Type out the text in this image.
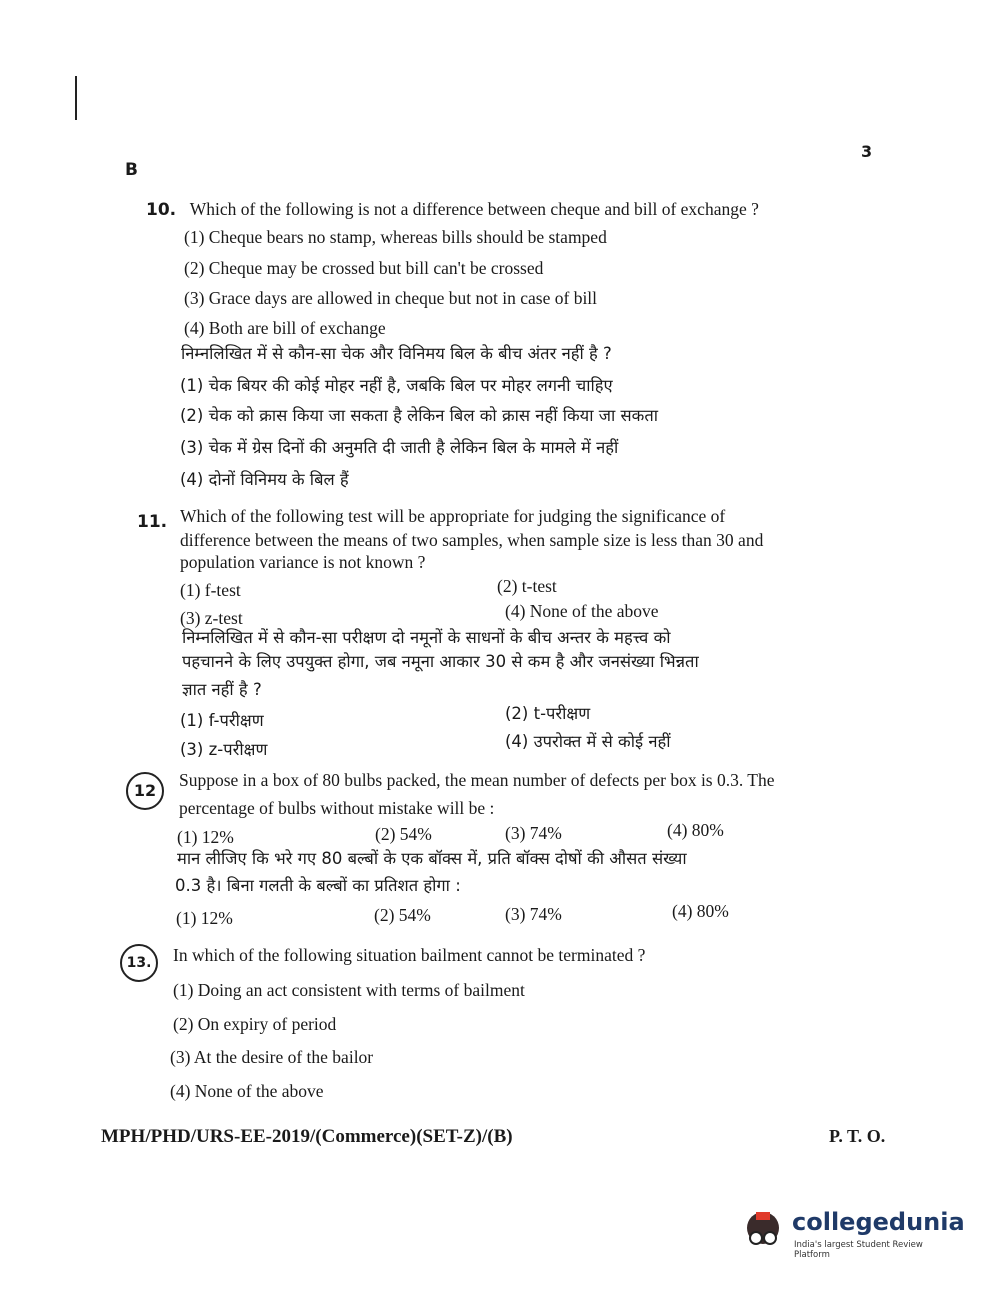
B
3
10. Which of the following is not a difference between cheque and bill of exchange ?
(1) Cheque bears no stamp, whereas bills should be stamped
(2) Cheque may be crossed but bill can't be crossed
(3) Grace days are allowed in cheque but not in case of bill
(4) Both are bill of exchange
निम्नलिखित में से कौन-सा चेक और विनिमय बिल के बीच अंतर नहीं है ?
(1) चेक बियर की कोई मोहर नहीं है, जबकि बिल पर मोहर लगनी चाहिए
(2) चेक को क्रास किया जा सकता है लेकिन बिल को क्रास नहीं किया जा सकता
(3) चेक में ग्रेस दिनों की अनुमति दी जाती है लेकिन बिल के मामले में नहीं
(4) दोनों विनिमय के बिल हैं
11. Which of the following test will be appropriate for judging the significance of
difference between the means of two samples, when sample size is less than 30 and
population variance is not known ?
(1) f-test	(2) t-test
(3) z-test	(4) None of the above
निम्नलिखित में से कौन-सा परीक्षण दो नमूनों के साधनों के बीच अन्तर के महत्त्व को
पहचानने के लिए उपयुक्त होगा, जब नमूना आकार 30 से कम है और जनसंख्या भिन्नता
ज्ञात नहीं है ?
(1) f-परीक्षण	(2) t-परीक्षण
(3) z-परीक्षण	(4) उपरोक्त में से कोई नहीं
12
Suppose in a box of 80 bulbs packed, the mean number of defects per box is 0.3. The
percentage of bulbs without mistake will be :
(1) 12%	(2) 54%	(3) 74%	(4) 80%
मान लीजिए कि भरे गए 80 बल्बों के एक बॉक्स में, प्रति बॉक्स दोषों की औसत संख्या
0.3 है। बिना गलती के बल्बों का प्रतिशत होगा :
(1) 12%	(2) 54%	(3) 74%	(4) 80%
13.	In which of the following situation bailment cannot be terminated ?
(1) Doing an act consistent with terms of bailment
(2) On expiry of period
(3) At the desire of the bailor
(4) None of the above
MPH/PHD/URS-EE-2019/(Commerce)(SET-Z)/(B)	P. T. O.
collegedunia
India's largest Student Review Platform
